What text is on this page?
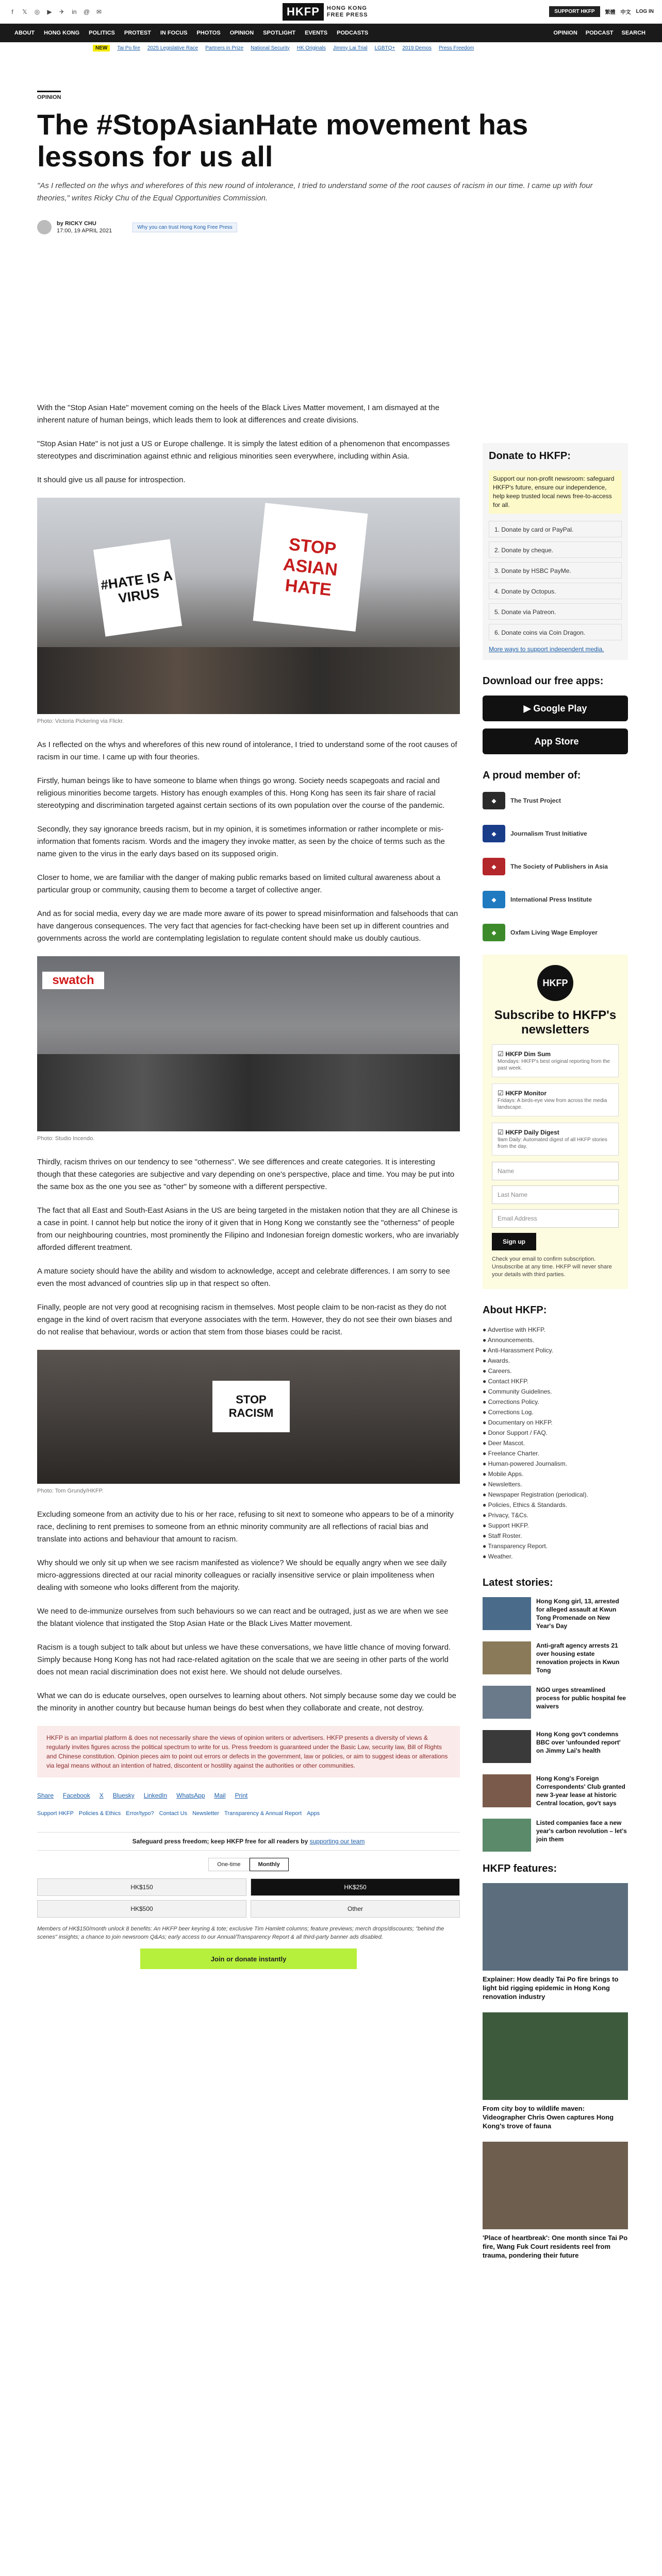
f	𝕏 ◎ ▶ ✈ in @ ✉	HKFP	HONG KONG
FREE PRESS
SUPPORT HKFP	繁體 中文 LOG IN
ABOUT HONG KONG POLITICS PROTEST IN FOCUS PHOTOS OPINION SPOTLIGHT EVENTS PODCASTS	OPINION PODCAST SEARCH
NEW	Tai Po fire 2025 Legislative Race Partners in Prize National Security HK Originals Jimmy Lai Trial LGBTQ+ 2019 Demos Press Freedom
OPINION
The #StopAsianHate movement has lessons for us all
"As I reflected on the whys and wherefores of this new round of intolerance, I tried to understand some of the root causes of racism in our time. I came up with four theories," writes Ricky Chu of the Equal Opportunities Commission.
by RICKY CHU
17:00, 19 APRIL 2021
Why you can trust Hong Kong Free Press

With the "Stop Asian Hate" movement coming on the heels of the Black Lives Matter movement, I am dismayed at the inherent nature of human beings, which leads them to look at differences and create divisions.

"Stop Asian Hate" is not just a US or Europe challenge. It is simply the latest edition of a phenomenon that encompasses stereotypes and discrimination against ethnic and religious minorities seen everywhere, including within Asia.

It should give us all pause for introspection.

#HATE IS A VIRUS
STOP ASIAN HATE
Photo: Victoria Pickering via Flickr.

As I reflected on the whys and wherefores of this new round of intolerance, I tried to understand some of the root causes of racism in our time. I came up with four theories.

Firstly, human beings like to have someone to blame when things go wrong. Society needs scapegoats and racial and religious minorities become targets. History has enough examples of this. Hong Kong has seen its fair share of racial stereotyping and discrimination targeted against certain sections of its own population over the course of the pandemic.

Secondly, they say ignorance breeds racism, but in my opinion, it is sometimes information or rather incomplete or mis-information that foments racism. Words and the imagery they invoke matter, as seen by the choice of terms such as the name given to the virus in the early days based on its supposed origin.

Closer to home, we are familiar with the danger of making public remarks based on limited cultural awareness about a particular group or community, causing them to become a target of collective anger.

And as for social media, every day we are made more aware of its power to spread misinformation and falsehoods that can have dangerous consequences. The very fact that agencies for fact-checking have been set up in different countries and governments across the world are contemplating legislation to regulate content should make us doubly cautious.

swatch
Photo: Studio Incendo.

Thirdly, racism thrives on our tendency to see "otherness". We see differences and create categories. It is interesting though that these categories are subjective and vary depending on one's perspective, place and time. You may be put into the same box as the one you see as "other" by someone with a different perspective.

The fact that all East and South-East Asians in the US are being targeted in the mistaken notion that they are all Chinese is a case in point. I cannot help but notice the irony of it given that in Hong Kong we constantly see the "otherness" of people from our neighbouring countries, most prominently the Filipino and Indonesian foreign domestic workers, who are invariably afforded different treatment.

A mature society should have the ability and wisdom to acknowledge, accept and celebrate differences. I am sorry to see even the most advanced of countries slip up in that respect so often.

Finally, people are not very good at recognising racism in themselves. Most people claim to be non-racist as they do not engage in the kind of overt racism that everyone associates with the term. However, they do not see their own biases and do not realise that behaviour, words or action that stem from those biases could be racist.

STOP RACISM
Photo: Tom Grundy/HKFP.

Excluding someone from an activity due to his or her race, refusing to sit next to someone who appears to be of a minority race, declining to rent premises to someone from an ethnic minority community are all reflections of racial bias and translate into actions and behaviour that amount to racism.

Why should we only sit up when we see racism manifested as violence? We should be equally angry when we see daily micro-aggressions directed at our racial minority colleagues or racially insensitive service or plain impoliteness when dealing with someone who looks different from the majority.

We need to de-immunize ourselves from such behaviours so we can react and be outraged, just as we are when we see the blatant violence that instigated the Stop Asian Hate or the Black Lives Matter movement.

Racism is a tough subject to talk about but unless we have these conversations, we have little chance of moving forward. Simply because Hong Kong has not had race-related agitation on the scale that we are seeing in other parts of the world does not mean racial discrimination does not exist here. We should not delude ourselves.

What we can do is educate ourselves, open ourselves to learning about others. Not simply because some day we could be the minority in another country but because human beings do best when they collaborate and create, not destroy.

HKFP is an impartial platform & does not necessarily share the views of opinion writers or advertisers. HKFP presents a diversity of views & regularly invites figures across the political spectrum to write for us. Press freedom is guaranteed under the Basic Law, security law, Bill of Rights and Chinese constitution. Opinion pieces aim to point out errors or defects in the government, law or policies, or aim to suggest ideas or alterations via legal means without an intention of hatred, discontent or hostility against the authorities or other communities.
Share Facebook X Bluesky LinkedIn WhatsApp Mail Print
Support HKFP Policies & Ethics Error/typo? Contact Us Newsletter Transparency & Annual Report Apps
Safeguard press freedom; keep HKFP free for all readers by supporting our team
One-time	Monthly
HK$150	HK$250
HK$500	Other
Members of HK$150/month unlock 8 benefits: An HKFP beer keyring & tote; exclusive Tim Hamlett columns; feature previews; merch drops/discounts; "behind the scenes" insights; a chance to join newsroom Q&As; early access to our Annual/Transparency Report & all third-party banner ads disabled.
Join or donate instantly
Donate to HKFP:
Support our non-profit newsroom: safeguard HKFP's future, ensure our independence, help keep trusted local news free-to-access for all.
1. Donate by card or PayPal.
2. Donate by cheque.
3. Donate by HSBC PayMe.
4. Donate by Octopus.
5. Donate via Patreon.
6. Donate coins via Coin Dragon.
More ways to support independent media.
Download our free apps:
▶ Google Play

App Store
A proud member of:
◆	The Trust Project
◆	Journalism Trust Initiative
◆	The Society of Publishers in Asia
◆	International Press Institute
◆	Oxfam Living Wage Employer
HKFP
Subscribe to HKFP's newsletters
☑ HKFP Dim Sum
Mondays: HKFP's best original reporting from the past week.
☑ HKFP Monitor
Fridays: A birds-eye view from across the media landscape.
☑ HKFP Daily Digest
9am Daily: Automated digest of all HKFP stories from the day.
Name
Last Name
Email Address
Sign up
Check your email to confirm subscription. Unsubscribe at any time. HKFP will never share your details with third parties.
About HKFP:
● Advertise with HKFP.
● Announcements.
● Anti-Harassment Policy.
● Awards.
● Careers.
● Contact HKFP.
● Community Guidelines.
● Corrections Policy.
● Corrections Log.
● Documentary on HKFP.
● Donor Support / FAQ.
● Deer Mascot.
● Freelance Charter.
● Human-powered Journalism.
● Mobile Apps.
● Newsletters.
● Newspaper Registration (periodical).
● Policies, Ethics & Standards.
● Privacy, T&Cs.
● Support HKFP.
● Staff Roster.
● Transparency Report.
● Weather.
Latest stories:
Hong Kong girl, 13, arrested for alleged assault at Kwun Tong Promenade on New Year's Day
Anti-graft agency arrests 21 over housing estate renovation projects in Kwun Tong
NGO urges streamlined process for public hospital fee waivers
Hong Kong gov't condemns BBC over 'unfounded report' on Jimmy Lai's health
Hong Kong's Foreign Correspondents' Club granted new 3-year lease at historic Central location, gov't says
Listed companies face a new year's carbon revolution – let's join them
HKFP features:
Explainer: How deadly Tai Po fire brings to light bid rigging epidemic in Hong Kong renovation industry
From city boy to wildlife maven: Videographer Chris Owen captures Hong Kong's trove of fauna
'Place of heartbreak': One month since Tai Po fire, Wang Fuk Court residents reel from trauma, pondering their future
